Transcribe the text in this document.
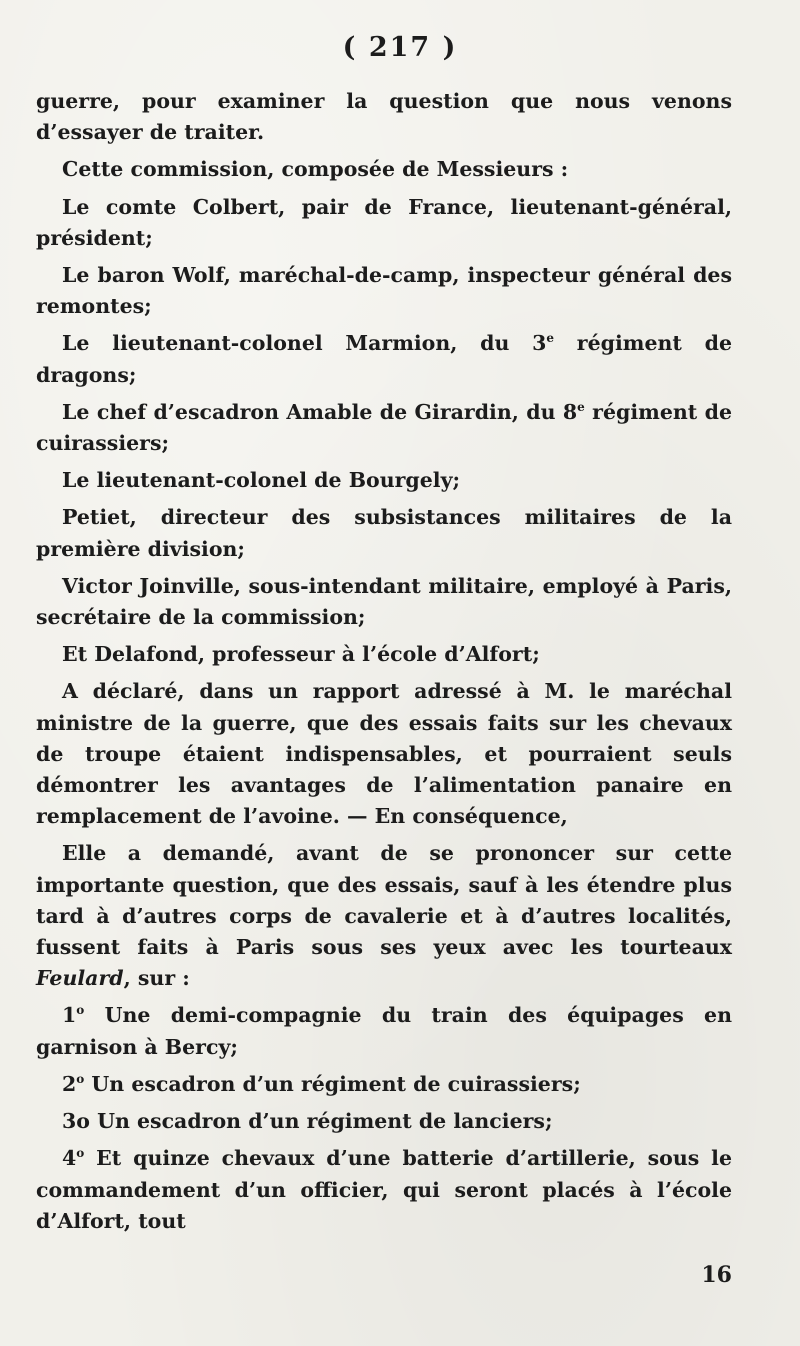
( 217 )

guerre, pour examiner la question que nous venons d’essayer de traiter.

Cette commission, composée de Messieurs :

Le comte Colbert, pair de France, lieutenant-général, président;

Le baron Wolf, maréchal-de-camp, inspecteur général des remontes;

Le lieutenant-colonel Marmion, du 3e régiment de dragons;

Le chef d’escadron Amable de Girardin, du 8e régiment de cuirassiers;

Le lieutenant-colonel de Bourgely;

Petiet, directeur des subsistances militaires de la première division;

Victor Joinville, sous-intendant militaire, employé à Paris, secrétaire de la commission;

Et Delafond, professeur à l’école d’Alfort;

A déclaré, dans un rapport adressé à M. le maréchal ministre de la guerre, que des essais faits sur les chevaux de troupe étaient indispensables, et pourraient seuls démontrer les avantages de l’alimentation panaire en remplacement de l’avoine. — En conséquence,

Elle a demandé, avant de se prononcer sur cette importante question, que des essais, sauf à les étendre plus tard à d’autres corps de cavalerie et à d’autres localités, fussent faits à Paris sous ses yeux avec les tourteaux Feulard, sur :

1$^o$ Une demi-compagnie du train des équipages en garnison à Bercy;

2$^o$ Un escadron d’un régiment de cuirassiers;

3o Un escadron d’un régiment de lanciers;

4$^o$ Et quinze chevaux d’une batterie d’artillerie, sous le commandement d’un officier, qui seront placés à l’école d’Alfort, tout

16
